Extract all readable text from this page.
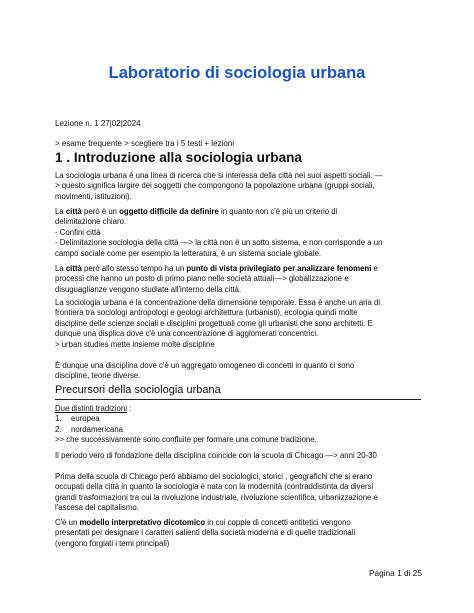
Laboratorio di sociologia urbana
Lezione n. 1 27|02|2024
> esame frequente > scegliere tra i 5 testi + lezioni
1 . Introduzione alla sociologia urbana
La sociologia urbana è una linea di ricerca che si interessa della città nei suoi aspetti sociali. —
> questo significa largire dei soggetti che compongono la popolazione urbana (gruppi sociali,
movimenti, istituzioni).
La città però è un oggetto difficile da definire in quanto non c'è più un criterio di
delimitazione chiaro.
- Confini città
- Delimitazione sociologia della città —> la città non è un sotto sistema, e non corrisponde a un
campo sociale come per esempio la letteratura, è un sistema sociale globale.
La città però allo stesso tempo ha un punto di vista privilegiato per analizzare fenomeni e
processi che hanno un posto di primo piano nelle società attuali—> globalizzazione e
disuguaglianze vengono studiate all'interno della città.
La sociologia urbana e la concentrazione della dimensione temporale. Essa è anche un aria di
frontiera tra sociologi antropologi e geologi architettura (urbanisti), ecologia quindi molte
discipline delle scienze sociali e disciplini progettuali come gli urbanisti che sono architetti. E
dunque una displica dove c'è una concentrazione di agglomerati concentrici.
> urban studies mette insieme molte discipline
È dunque una disciplina dove c'è un aggregato omogeneo di concetti in quanto ci sono
discipline, teorie diverse.
Precursori della sociologia urbana
Due distinti tradizioni :
1. europea
2. nordamericana
>> che successivamente sono confluite per formare una comune tradizione.
Il periodo vero di fondazione della disciplina coincide con la scuola di Chicago —> anni 20-30
Prima della scuola di Chicago però abbiamo dei sociologici, storici , geografichi che si erano
occupati della città in quanto la sociologia è nata con la modernità (contraddistinta da diversi
grandi trasformazioni tra cui la rivoluzione industriale, rivoluzione scientifica, urbanizzazione e
l'ascesa del capitalismo.
C'è un modello interpretativo dicotomico in cui coppie di concetti antitetici vengono
presentati per designare i caratteri salienti della società moderna e di quelle tradizionali
(vengono forgiati i temi principali)
Pagina 1 di 25
